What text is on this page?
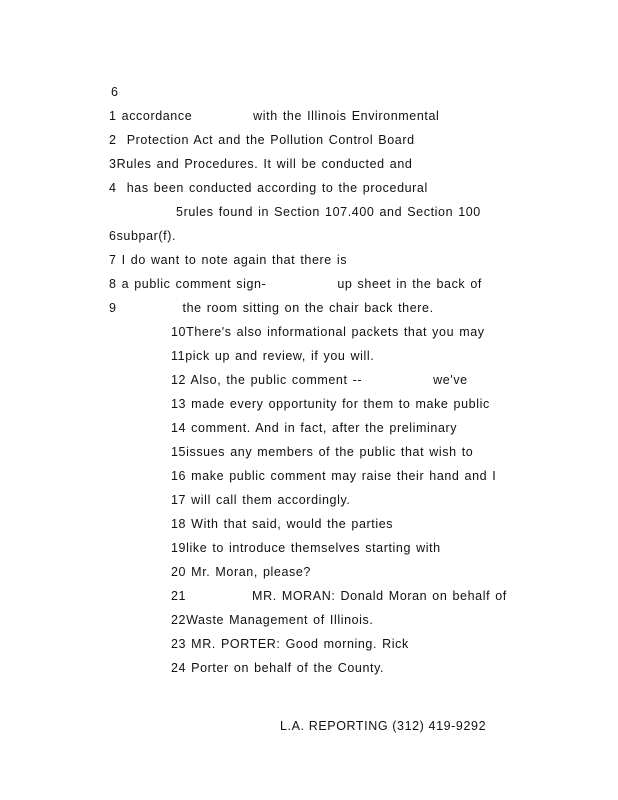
6
1 accordance            with the Illinois Environmental
2  Protection Act and the Pollution Control Board
3Rules and Procedures. It will be conducted and
4  has been conducted according to the procedural
5rules found in Section 107.400 and Section 100
6subpar(f).
7 I do want to note again that there is
8 a public comment sign-              up sheet in the back of
9             the room sitting on the chair back there.
10There's also informational packets that you may
11pick up and review, if you will.
12 Also, the public comment --              we've
13 made every opportunity for them to make public
14 comment. And in fact, after the preliminary
15issues any members of the public that wish to
16 make public comment may raise their hand and I
17 will call them accordingly.
18 With that said, would the parties
19like to introduce themselves starting with
20 Mr. Moran, please?
21             MR. MORAN: Donald Moran on behalf of
22Waste Management of Illinois.
23 MR. PORTER: Good morning. Rick
24 Porter on behalf of the County.
L.A. REPORTING (312) 419-9292
